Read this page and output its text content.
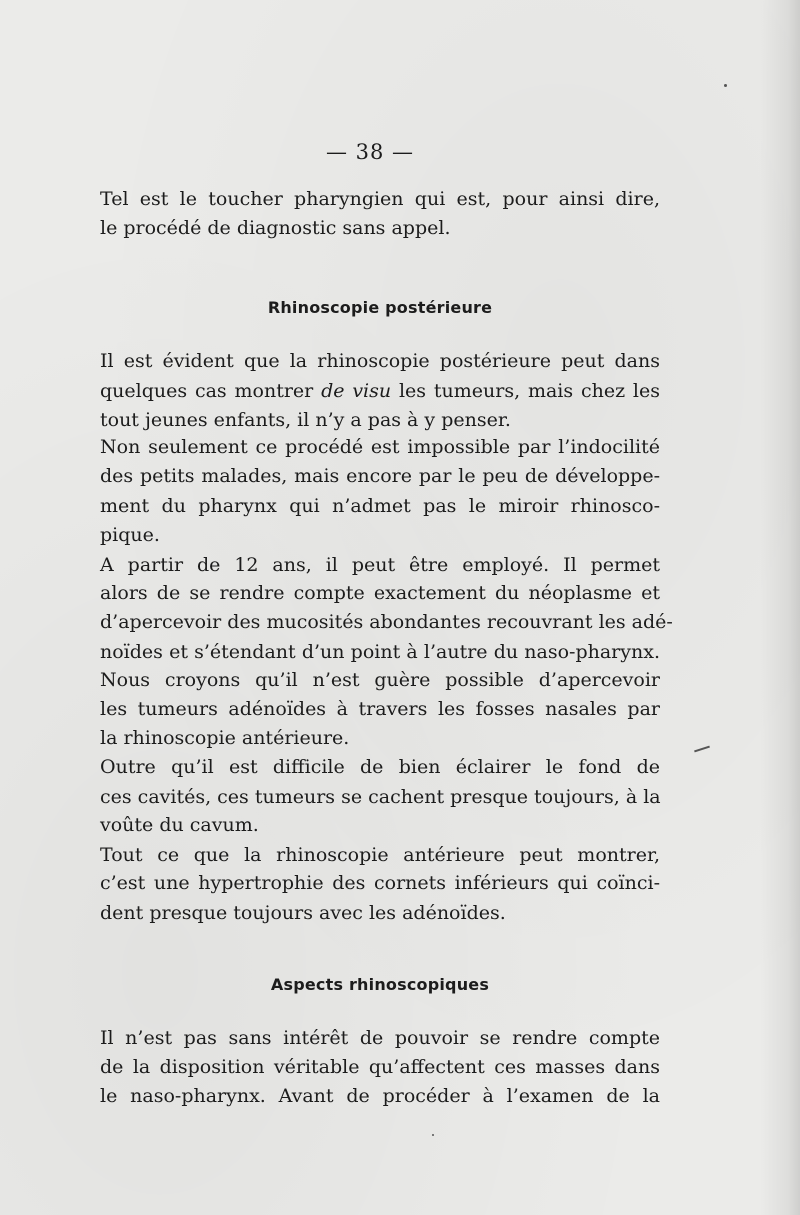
— 38 —
Tel est le toucher pharyngien qui est, pour ainsi dire,
le procédé de diagnostic sans appel.
Rhinoscopie postérieure
Il est évident que la rhinoscopie postérieure peut dans
quelques cas montrer de visu les tumeurs, mais chez les
tout jeunes enfants, il n’y a pas à y penser.
Non seulement ce procédé est impossible par l’indocilité
des petits malades, mais encore par le peu de développe-
ment du pharynx qui n’admet pas le miroir rhinosco-
pique.
A partir de 12 ans, il peut être employé. Il permet
alors de se rendre compte exactement du néoplasme et
d’apercevoir des mucosités abondantes recouvrant les adé-
noïdes et s’étendant d’un point à l’autre du naso-pharynx.
Nous croyons qu’il n’est guère possible d’apercevoir
les tumeurs adénoïdes à travers les fosses nasales par
la rhinoscopie antérieure.
Outre qu’il est difficile de bien éclairer le fond de
ces cavités, ces tumeurs se cachent presque toujours, à la
voûte du cavum.
Tout ce que la rhinoscopie antérieure peut montrer,
c’est une hypertrophie des cornets inférieurs qui coïnci-
dent presque toujours avec les adénoïdes.
Aspects rhinoscopiques
Il n’est pas sans intérêt de pouvoir se rendre compte
de la disposition véritable qu’affectent ces masses dans
le naso-pharynx. Avant de procéder à l’examen de la
